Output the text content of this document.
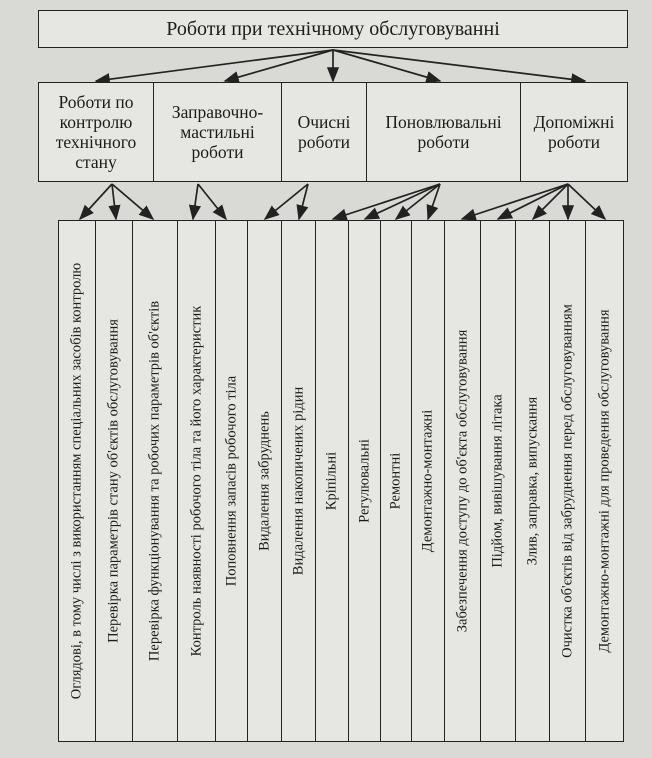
Роботи при технічному обслуговуванні
Роботи по контролю технічного стану
Заправочно-мастильні роботи
Очисні роботи
Поновлювальні роботи
Допоміжні роботи
Оглядові, в тому числі з використанням спеціальних засобів контролю Перевірка параметрів стану об'єктів обслуговування Перевірка функціонування та робочих параметрів об'єктів Контроль наявності робочого тіла та його характеристик Поповнення запасів робочого тіла Видалення забруднень Видалення накопичених рідин Кріпільні Регулювальні Ремонтні Демонтажно-монтажні Забезпечення доступу до об'єкта обслуговування Підйом, вивішування літака Злив, заправка, випускання Очистка об'єктів від забруднення перед обслуговуванням Демонтажно-монтажні для проведення обслуговування
